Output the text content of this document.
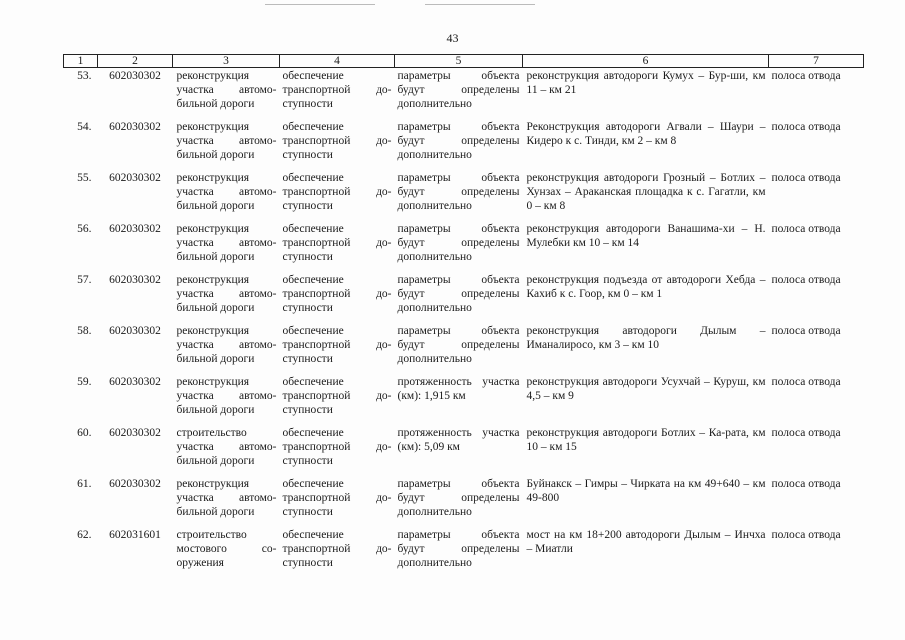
43
1	2	3	4	5	6	7
53.	602030302	реконструкция участка автомо-бильной дороги	обеспечение транспортной до-ступности	параметры объекта будут определены дополнительно	реконструкция автодороги Кумух – Бур-ши, км 11 – км 21	полоса отвода
54.	602030302	реконструкция участка автомо-бильной дороги	обеспечение транспортной до-ступности	параметры объекта будут определены дополнительно	Реконструкция автодороги Агвали – Шаури – Кидеро к с. Тинди, км 2 – км 8	полоса отвода
55.	602030302	реконструкция участка автомо-бильной дороги	обеспечение транспортной до-ступности	параметры объекта будут определены дополнительно	реконструкция автодороги Грозный – Ботлих – Хунзах – Араканская площадка к с. Гагатли, км 0 – км 8	полоса отвода
56.	602030302	реконструкция участка автомо-бильной дороги	обеспечение транспортной до-ступности	параметры объекта будут определены дополнительно	реконструкция автодороги Ванашима-хи – Н. Мулебки км 10 – км 14	полоса отвода
57.	602030302	реконструкция участка автомо-бильной дороги	обеспечение транспортной до-ступности	параметры объекта будут определены дополнительно	реконструкция подъезда от автодороги Хебда – Кахиб к с. Гоор, км 0 – км 1	полоса отвода
58.	602030302	реконструкция участка автомо-бильной дороги	обеспечение транспортной до-ступности	параметры объекта будут определены дополнительно	реконструкция автодороги Дылым – Иманалиросо, км 3 – км 10	полоса отвода
59.	602030302	реконструкция участка автомо-бильной дороги	обеспечение транспортной до-ступности	протяженность участка (км): 1,915 км	реконструкция автодороги Усухчай – Куруш, км 4,5 – км 9	полоса отвода
60.	602030302	строительство участка автомо-бильной дороги	обеспечение транспортной до-ступности	протяженность участка (км): 5,09 км	реконструкция автодороги Ботлих – Ка-рата, км 10 – км 15	полоса отвода
61.	602030302	реконструкция участка автомо-бильной дороги	обеспечение транспортной до-ступности	параметры объекта будут определены дополнительно	Буйнакск – Гимры – Чирката на км 49+640 – км 49-800	полоса отвода
62.	602031601	строительство мостового со-оружения	обеспечение транспортной до-ступности	параметры объекта будут определены дополнительно	мост на км 18+200 автодороги Дылым – Инчха – Миатли	полоса отвода
